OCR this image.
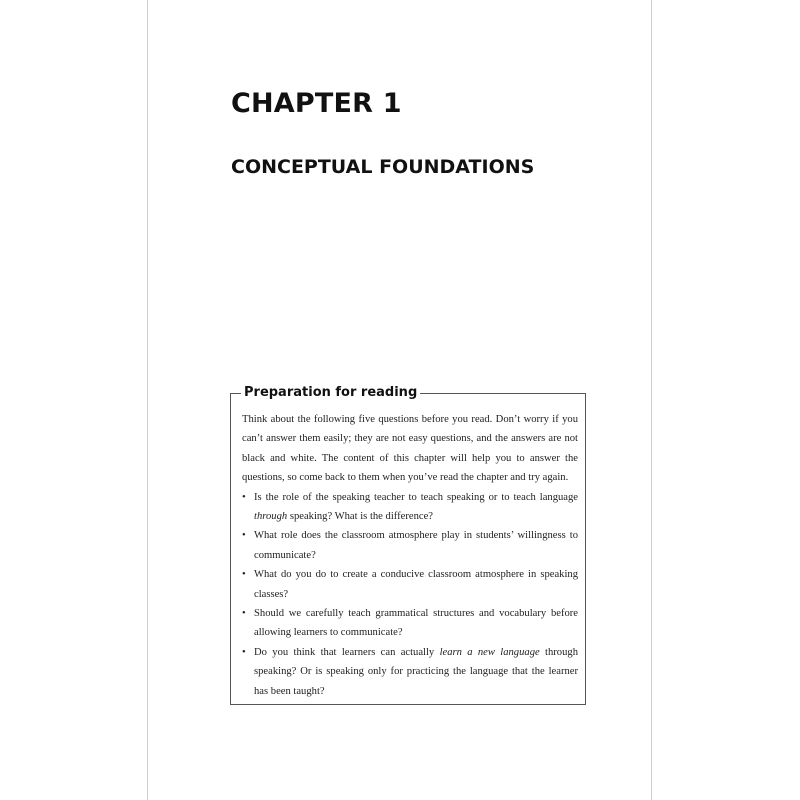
CHAPTER 1
CONCEPTUAL FOUNDATIONS
Preparation for reading

Think about the following five questions before you read. Don’t worry if you can’t answer them easily; they are not easy questions, and the answers are not black and white. The content of this chapter will help you to answer the questions, so come back to them when you’ve read the chapter and try again.

• Is the role of the speaking teacher to teach speaking or to teach language through speaking? What is the difference?
• What role does the classroom atmosphere play in students’ willingness to communicate?
• What do you do to create a conducive classroom atmosphere in speaking classes?
• Should we carefully teach grammatical structures and vocabulary before allowing learners to communicate?
• Do you think that learners can actually learn a new language through speaking? Or is speaking only for practicing the language that the learner has been taught?
